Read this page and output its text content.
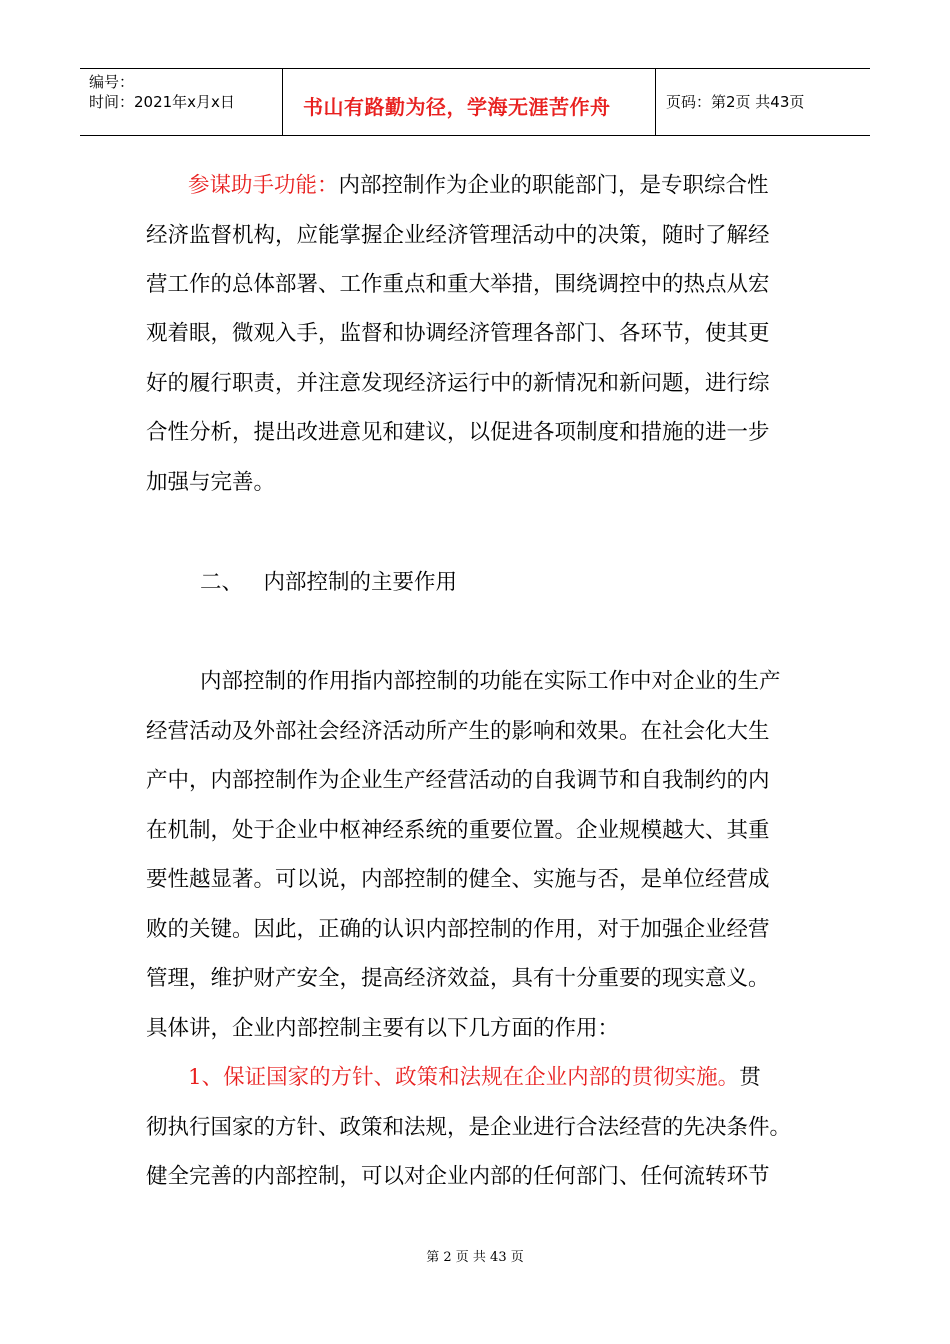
编号：
时间：2021年x月x日	书山有路勤为径，学海无涯苦作舟	页码：第2页 共43页
参谋助手功能：内部控制作为企业的职能部门，是专职综合性
经济监督机构，应能掌握企业经济管理活动中的决策，随时了解经
营工作的总体部署、工作重点和重大举措，围绕调控中的热点从宏
观着眼，微观入手，监督和协调经济管理各部门、各环节，使其更
好的履行职责，并注意发现经济运行中的新情况和新问题，进行综
合性分析，提出改进意见和建议，以促进各项制度和措施的进一步
加强与完善。
二、   内部控制的主要作用
内部控制的作用指内部控制的功能在实际工作中对企业的生产
经营活动及外部社会经济活动所产生的影响和效果。在社会化大生
产中，内部控制作为企业生产经营活动的自我调节和自我制约的内
在机制，处于企业中枢神经系统的重要位置。企业规模越大、其重
要性越显著。可以说，内部控制的健全、实施与否，是单位经营成
败的关键。因此，正确的认识内部控制的作用，对于加强企业经营
管理，维护财产安全，提高经济效益，具有十分重要的现实意义。
具体讲，企业内部控制主要有以下几方面的作用：
1、保证国家的方针、政策和法规在企业内部的贯彻实施。贯
彻执行国家的方针、政策和法规，是企业进行合法经营的先决条件。
健全完善的内部控制，可以对企业内部的任何部门、任何流转环节
第 2 页 共 43 页
